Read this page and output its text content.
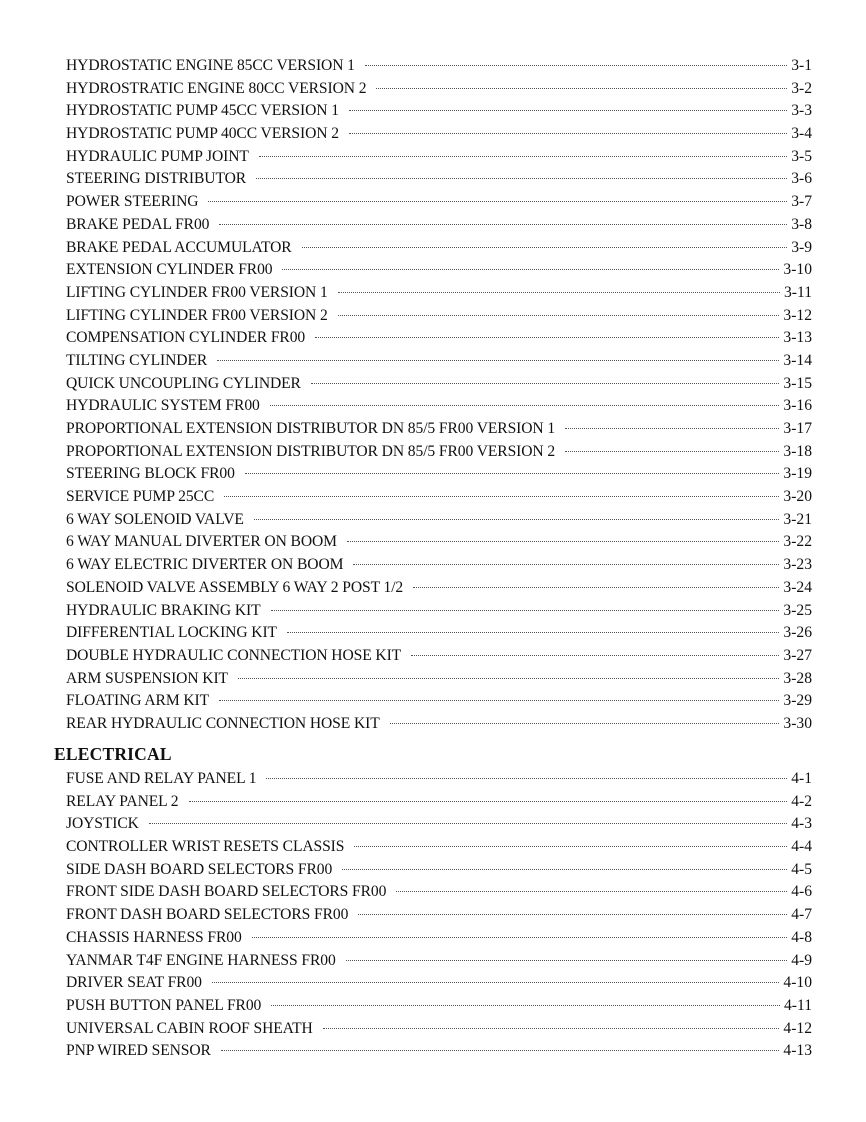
HYDROSTATIC ENGINE 85CC VERSION 1	3-1
HYDROSTRATIC ENGINE 80CC VERSION 2	3-2
HYDROSTATIC PUMP 45CC VERSION 1	3-3
HYDROSTATIC PUMP 40CC VERSION 2	3-4
HYDRAULIC PUMP JOINT	3-5
STEERING DISTRIBUTOR	3-6
POWER STEERING	3-7
BRAKE PEDAL FR00	3-8
BRAKE PEDAL ACCUMULATOR	3-9
EXTENSION CYLINDER FR00	3-10
LIFTING CYLINDER FR00 VERSION 1	3-11
LIFTING CYLINDER FR00 VERSION 2	3-12
COMPENSATION CYLINDER FR00	3-13
TILTING CYLINDER	3-14
QUICK UNCOUPLING CYLINDER	3-15
HYDRAULIC SYSTEM FR00	3-16
PROPORTIONAL EXTENSION DISTRIBUTOR DN 85/5 FR00 VERSION 1	3-17
PROPORTIONAL EXTENSION DISTRIBUTOR DN 85/5 FR00 VERSION 2	3-18
STEERING BLOCK FR00	3-19
SERVICE PUMP 25CC	3-20
6 WAY SOLENOID VALVE	3-21
6 WAY MANUAL DIVERTER ON BOOM	3-22
6 WAY ELECTRIC DIVERTER ON BOOM	3-23
SOLENOID VALVE ASSEMBLY 6 WAY 2 POST 1/2	3-24
HYDRAULIC BRAKING KIT	3-25
DIFFERENTIAL LOCKING KIT	3-26
DOUBLE HYDRAULIC CONNECTION HOSE KIT	3-27
ARM SUSPENSION KIT	3-28
FLOATING ARM KIT	3-29
REAR HYDRAULIC CONNECTION HOSE KIT	3-30
ELECTRICAL
FUSE AND RELAY PANEL 1	4-1
RELAY PANEL 2	4-2
JOYSTICK	4-3
CONTROLLER WRIST RESETS CLASSIS	4-4
SIDE DASH BOARD SELECTORS FR00	4-5
FRONT SIDE DASH BOARD SELECTORS FR00	4-6
FRONT DASH BOARD SELECTORS FR00	4-7
CHASSIS HARNESS FR00	4-8
YANMAR T4F ENGINE HARNESS FR00	4-9
DRIVER SEAT FR00	4-10
PUSH BUTTON PANEL FR00	4-11
UNIVERSAL CABIN ROOF SHEATH	4-12
PNP WIRED SENSOR	4-13
